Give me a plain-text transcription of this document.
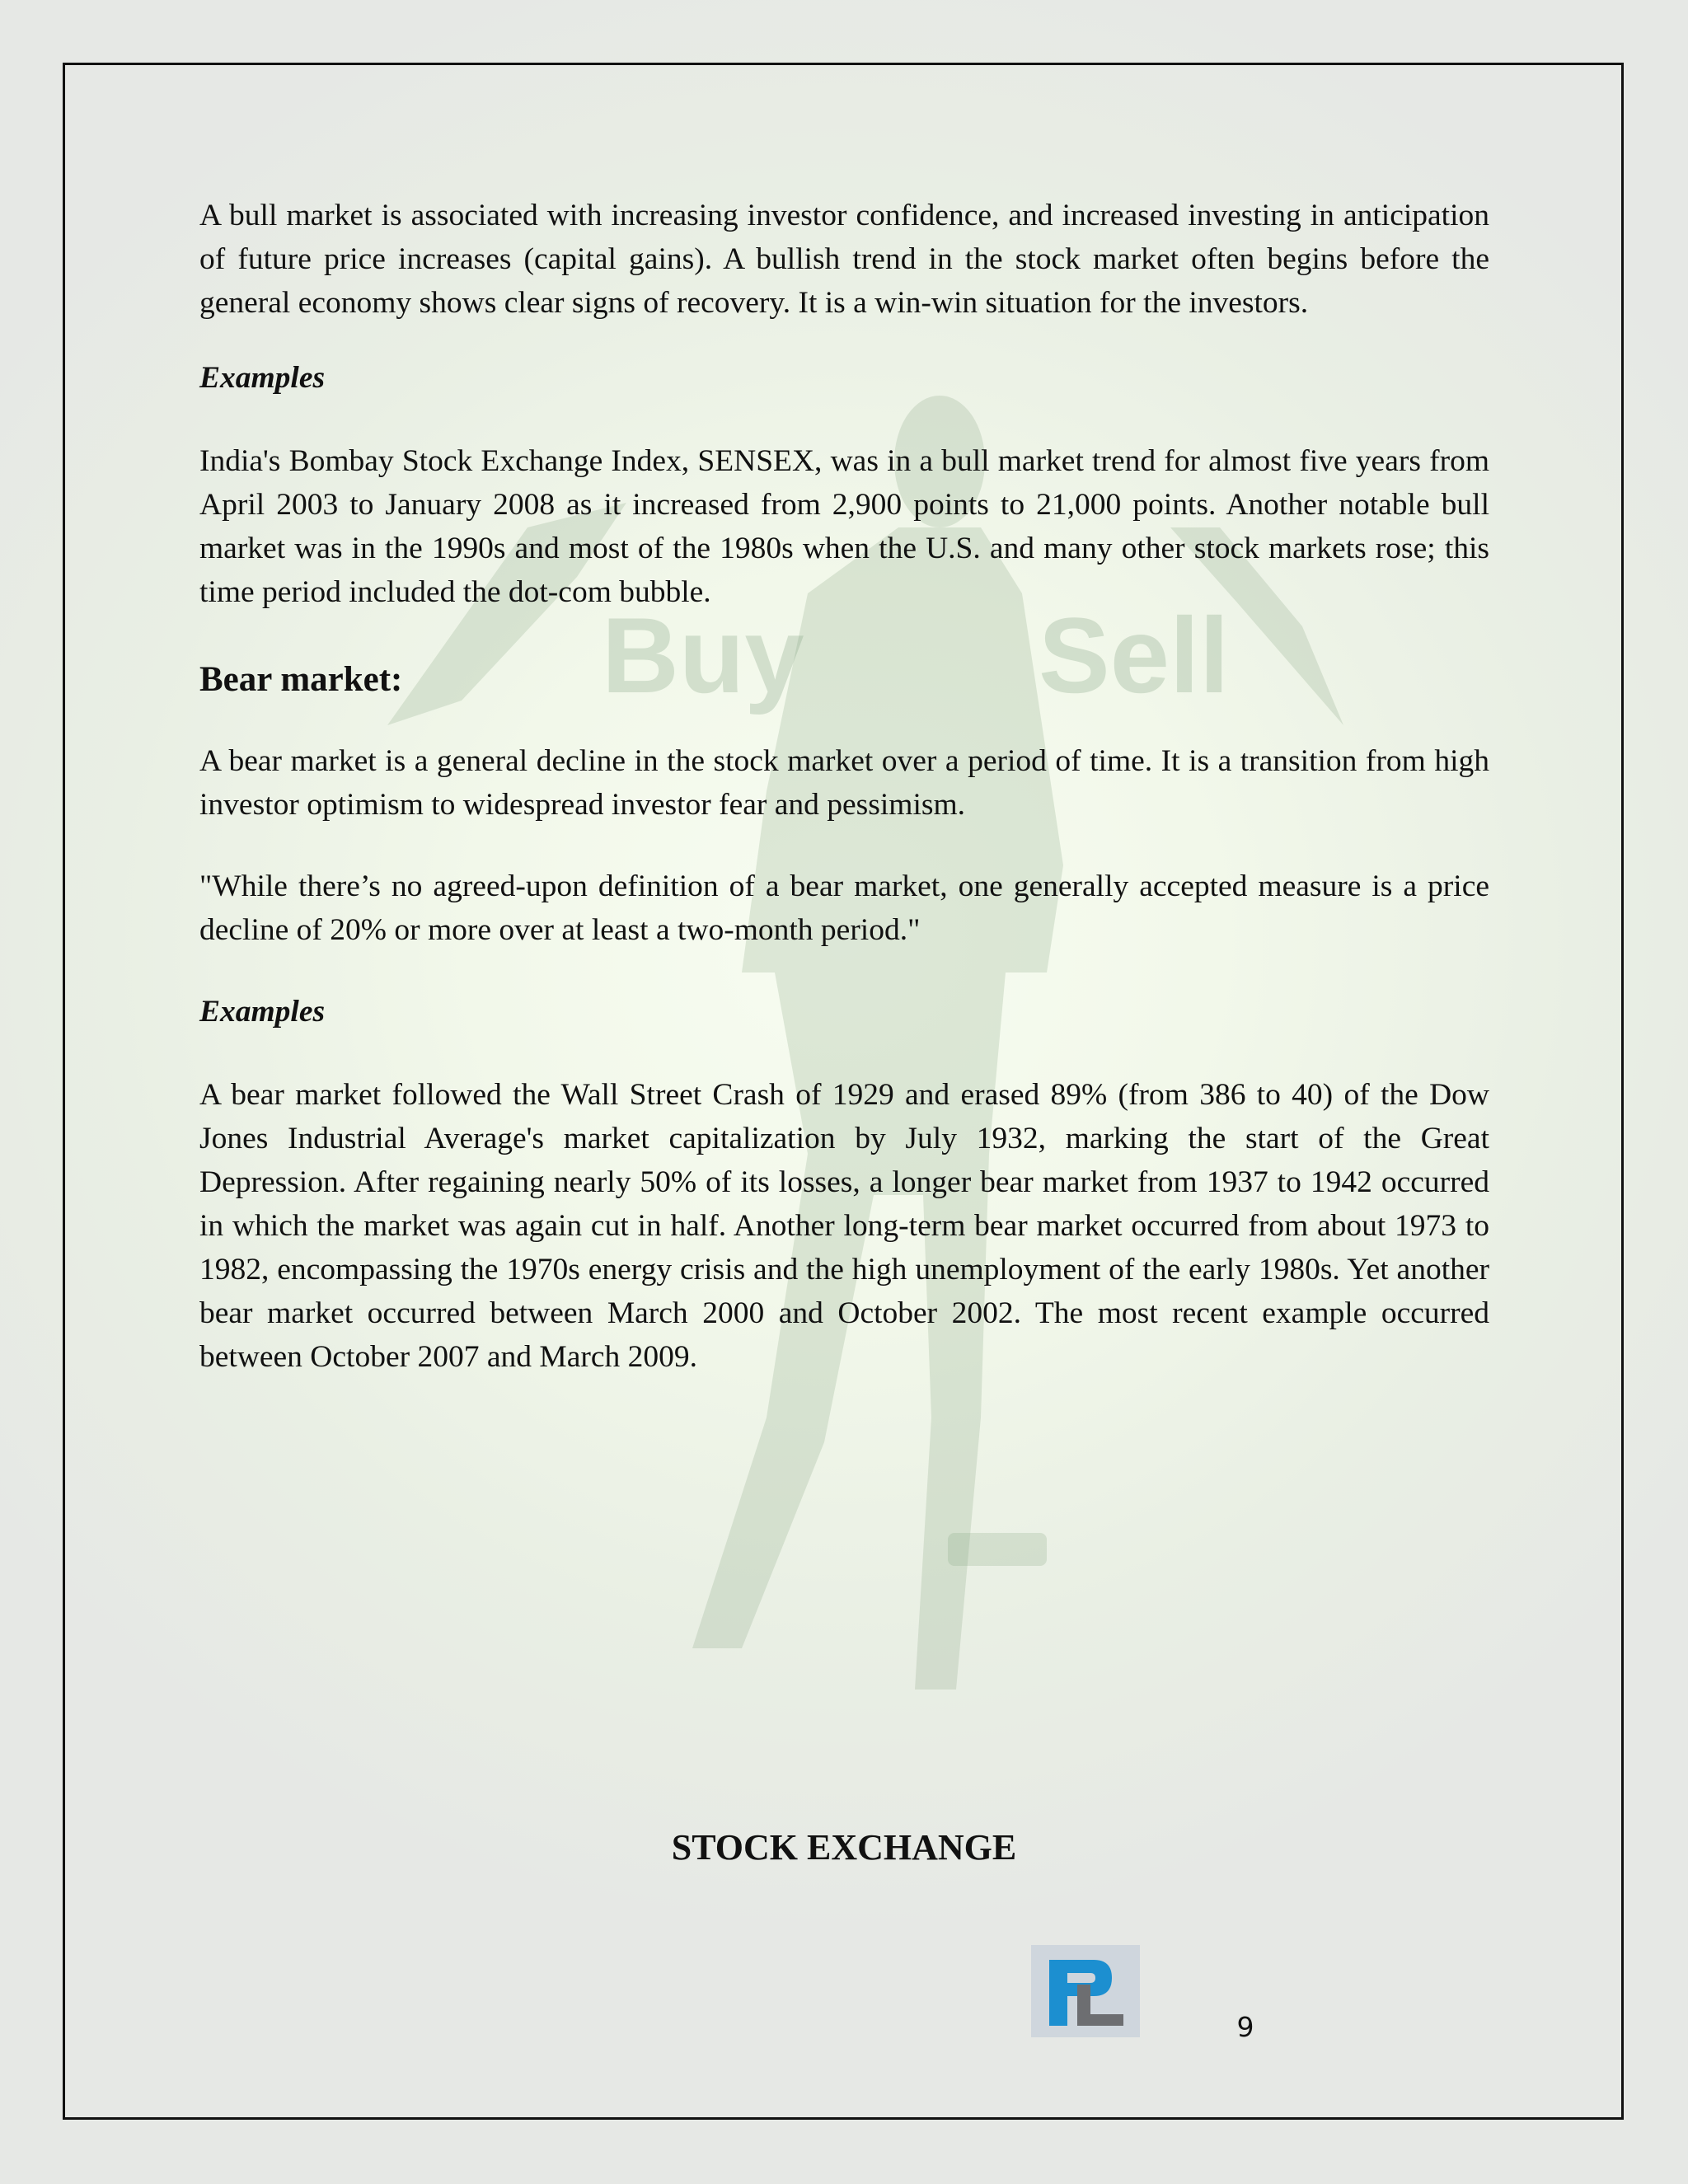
Buy Sell

A bull market is associated with increasing investor confidence, and increased investing in anticipation of future price increases (capital gains). A bullish trend in the stock market often begins before the general economy shows clear signs of recovery. It is a win-win situation for the investors.

Examples

India's Bombay Stock Exchange Index, SENSEX, was in a bull market trend for almost five years from April 2003 to January 2008 as it increased from 2,900 points to 21,000 points. Another notable bull market was in the 1990s and most of the 1980s when the U.S. and many other stock markets rose; this time period included the dot-com bubble.

Bear market:

A bear market is a general decline in the stock market over a period of time. It is a transition from high investor optimism to widespread investor fear and pessimism.

"While there’s no agreed-upon definition of a bear market, one generally accepted measure is a price decline of 20% or more over at least a two-month period."

Examples

A bear market followed the Wall Street Crash of 1929 and erased 89% (from 386 to 40) of the Dow Jones Industrial Average's market capitalization by July 1932, marking the start of the Great Depression. After regaining nearly 50% of its losses, a longer bear market from 1937 to 1942 occurred in which the market was again cut in half. Another long-term bear market occurred from about 1973 to 1982, encompassing the 1970s energy crisis and the high unemployment of the early 1980s. Yet another bear market occurred between March 2000 and October 2002. The most recent example occurred between October 2007 and March 2009.

STOCK EXCHANGE

9
